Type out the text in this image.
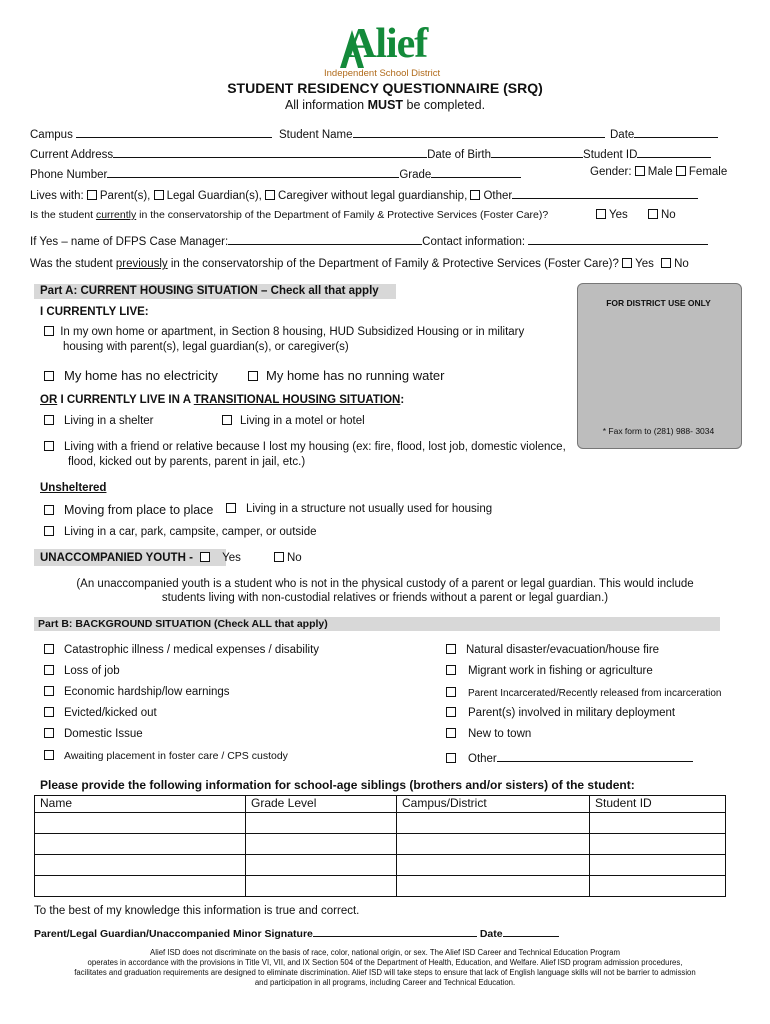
Alief
Independent School District
STUDENT RESIDENCY QUESTIONNAIRE (SRQ)
All information MUST be completed.
Campus	Student Name	Date
Current Address	Date of Birth	Student ID
Phone Number	Grade	Gender: Male Female
Lives with: Parent(s), Legal Guardian(s), Caregiver without legal guardianship, Other
Is the student currently in the conservatorship of the Department of Family & Protective Services (Foster Care)?	Yes	No
If Yes – name of DFPS Case Manager:	Contact information:
Was the student previously in the conservatorship of the Department of Family & Protective Services (Foster Care)? Yes No
Part A: CURRENT HOUSING SITUATION – Check all that apply
I CURRENTLY LIVE:
In my own home or apartment, in Section 8 housing, HUD Subsidized Housing or in military
housing with parent(s), legal guardian(s), or caregiver(s)
My home has no electricity	My home has no running water
OR I CURRENTLY LIVE IN A TRANSITIONAL HOUSING SITUATION:
Living in a shelter	Living in a motel or hotel
Living with a friend or relative because I lost my housing (ex: fire, flood, lost job, domestic violence,
flood, kicked out by parents, parent in jail, etc.)
Unsheltered
Moving from place to place	Living in a structure not usually used for housing
Living in a car, park, campsite, camper, or outside
UNACCOMPANIED YOUTH -	Yes	No
(An unaccompanied youth is a student who is not in the physical custody of a parent or legal guardian. This would include
students living with non-custodial relatives or friends without a parent or legal guardian.)
FOR DISTRICT USE ONLY
* Fax form to (281) 988- 3034
Part B: BACKGROUND SITUATION (Check ALL that apply)
Catastrophic illness / medical expenses / disability
Loss of job
Economic hardship/low earnings
Evicted/kicked out
Domestic Issue
Awaiting placement in foster care / CPS custody
Natural disaster/evacuation/house fire
Migrant work in fishing or agriculture
Parent Incarcerated/Recently released from incarceration
Parent(s) involved in military deployment
New to town
Other
Please provide the following information for school-age siblings (brothers and/or sisters) of the student:
Name	Grade Level	Campus/District	Student ID

To the best of my knowledge this information is true and correct.
Parent/Legal Guardian/Unaccompanied Minor Signature	Date
Alief ISD does not discriminate on the basis of race, color, national origin, or sex. The Alief ISD Career and Technical Education Program
operates in accordance with the provisions in Title VI, VII, and IX Section 504 of the Department of Health, Education, and Welfare. Alief ISD program admission procedures,
facilitates and graduation requirements are designed to eliminate discrimination. Alief ISD will take steps to ensure that lack of English language skills will not be barrier to admission
and participation in all programs, including Career and Technical Education.
